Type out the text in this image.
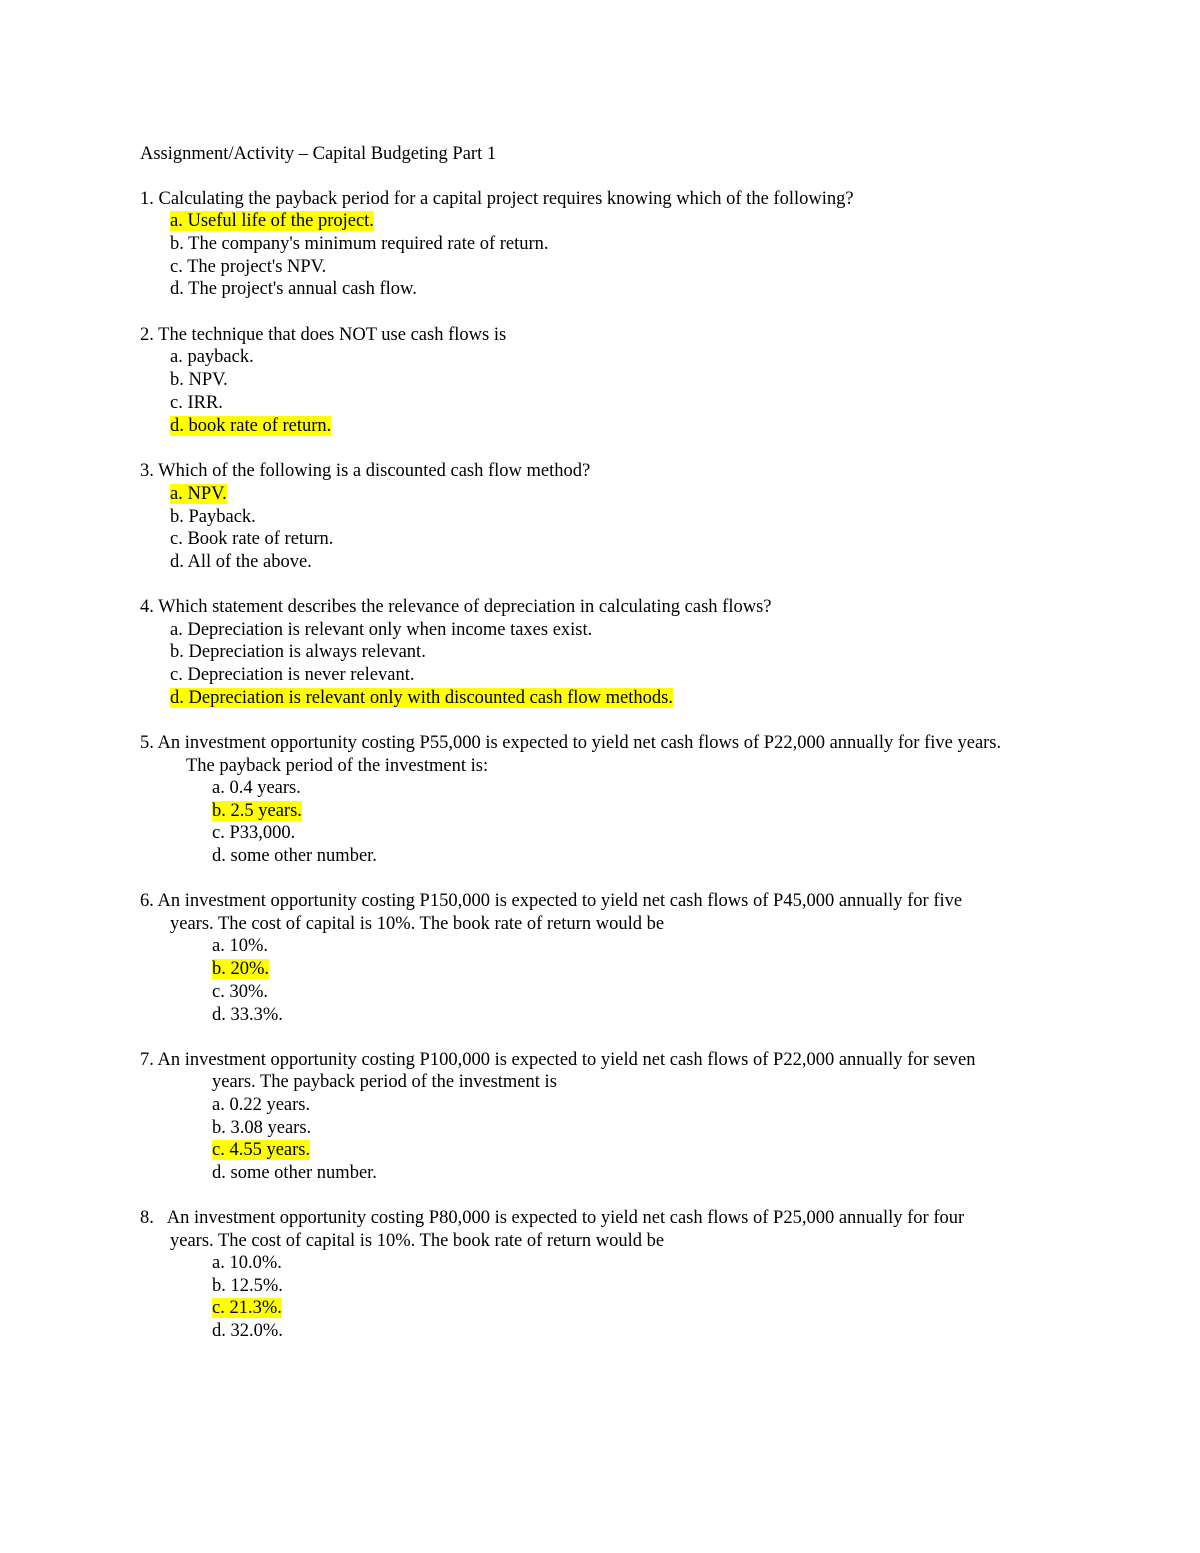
Assignment/Activity – Capital Budgeting Part 1
1. Calculating the payback period for a capital project requires knowing which of the following?
a. Useful life of the project.
b. The company's minimum required rate of return.
c. The project's NPV.
d. The project's annual cash flow.
2. The technique that does NOT use cash flows is
a. payback.
b. NPV.
c. IRR.
d. book rate of return.
3. Which of the following is a discounted cash flow method?
a. NPV.
b. Payback.
c. Book rate of return.
d. All of the above.
4. Which statement describes the relevance of depreciation in calculating cash flows?
a. Depreciation is relevant only when income taxes exist.
b. Depreciation is always relevant.
c. Depreciation is never relevant.
d. Depreciation is relevant only with discounted cash flow methods.
5. An investment opportunity costing P55,000 is expected to yield net cash flows of P22,000 annually for five years.
The payback period of the investment is:
a. 0.4 years.
b. 2.5 years.
c. P33,000.
d. some other number.
6. An investment opportunity costing P150,000 is expected to yield net cash flows of P45,000 annually for five
years. The cost of capital is 10%. The book rate of return would be
a. 10%.
b. 20%.
c. 30%.
d. 33.3%.
7. An investment opportunity costing P100,000 is expected to yield net cash flows of P22,000 annually for seven
years. The payback period of the investment is
a. 0.22 years.
b. 3.08 years.
c. 4.55 years.
d. some other number.
8.   An investment opportunity costing P80,000 is expected to yield net cash flows of P25,000 annually for four
years. The cost of capital is 10%. The book rate of return would be
a. 10.0%.
b. 12.5%.
c. 21.3%.
d. 32.0%.
